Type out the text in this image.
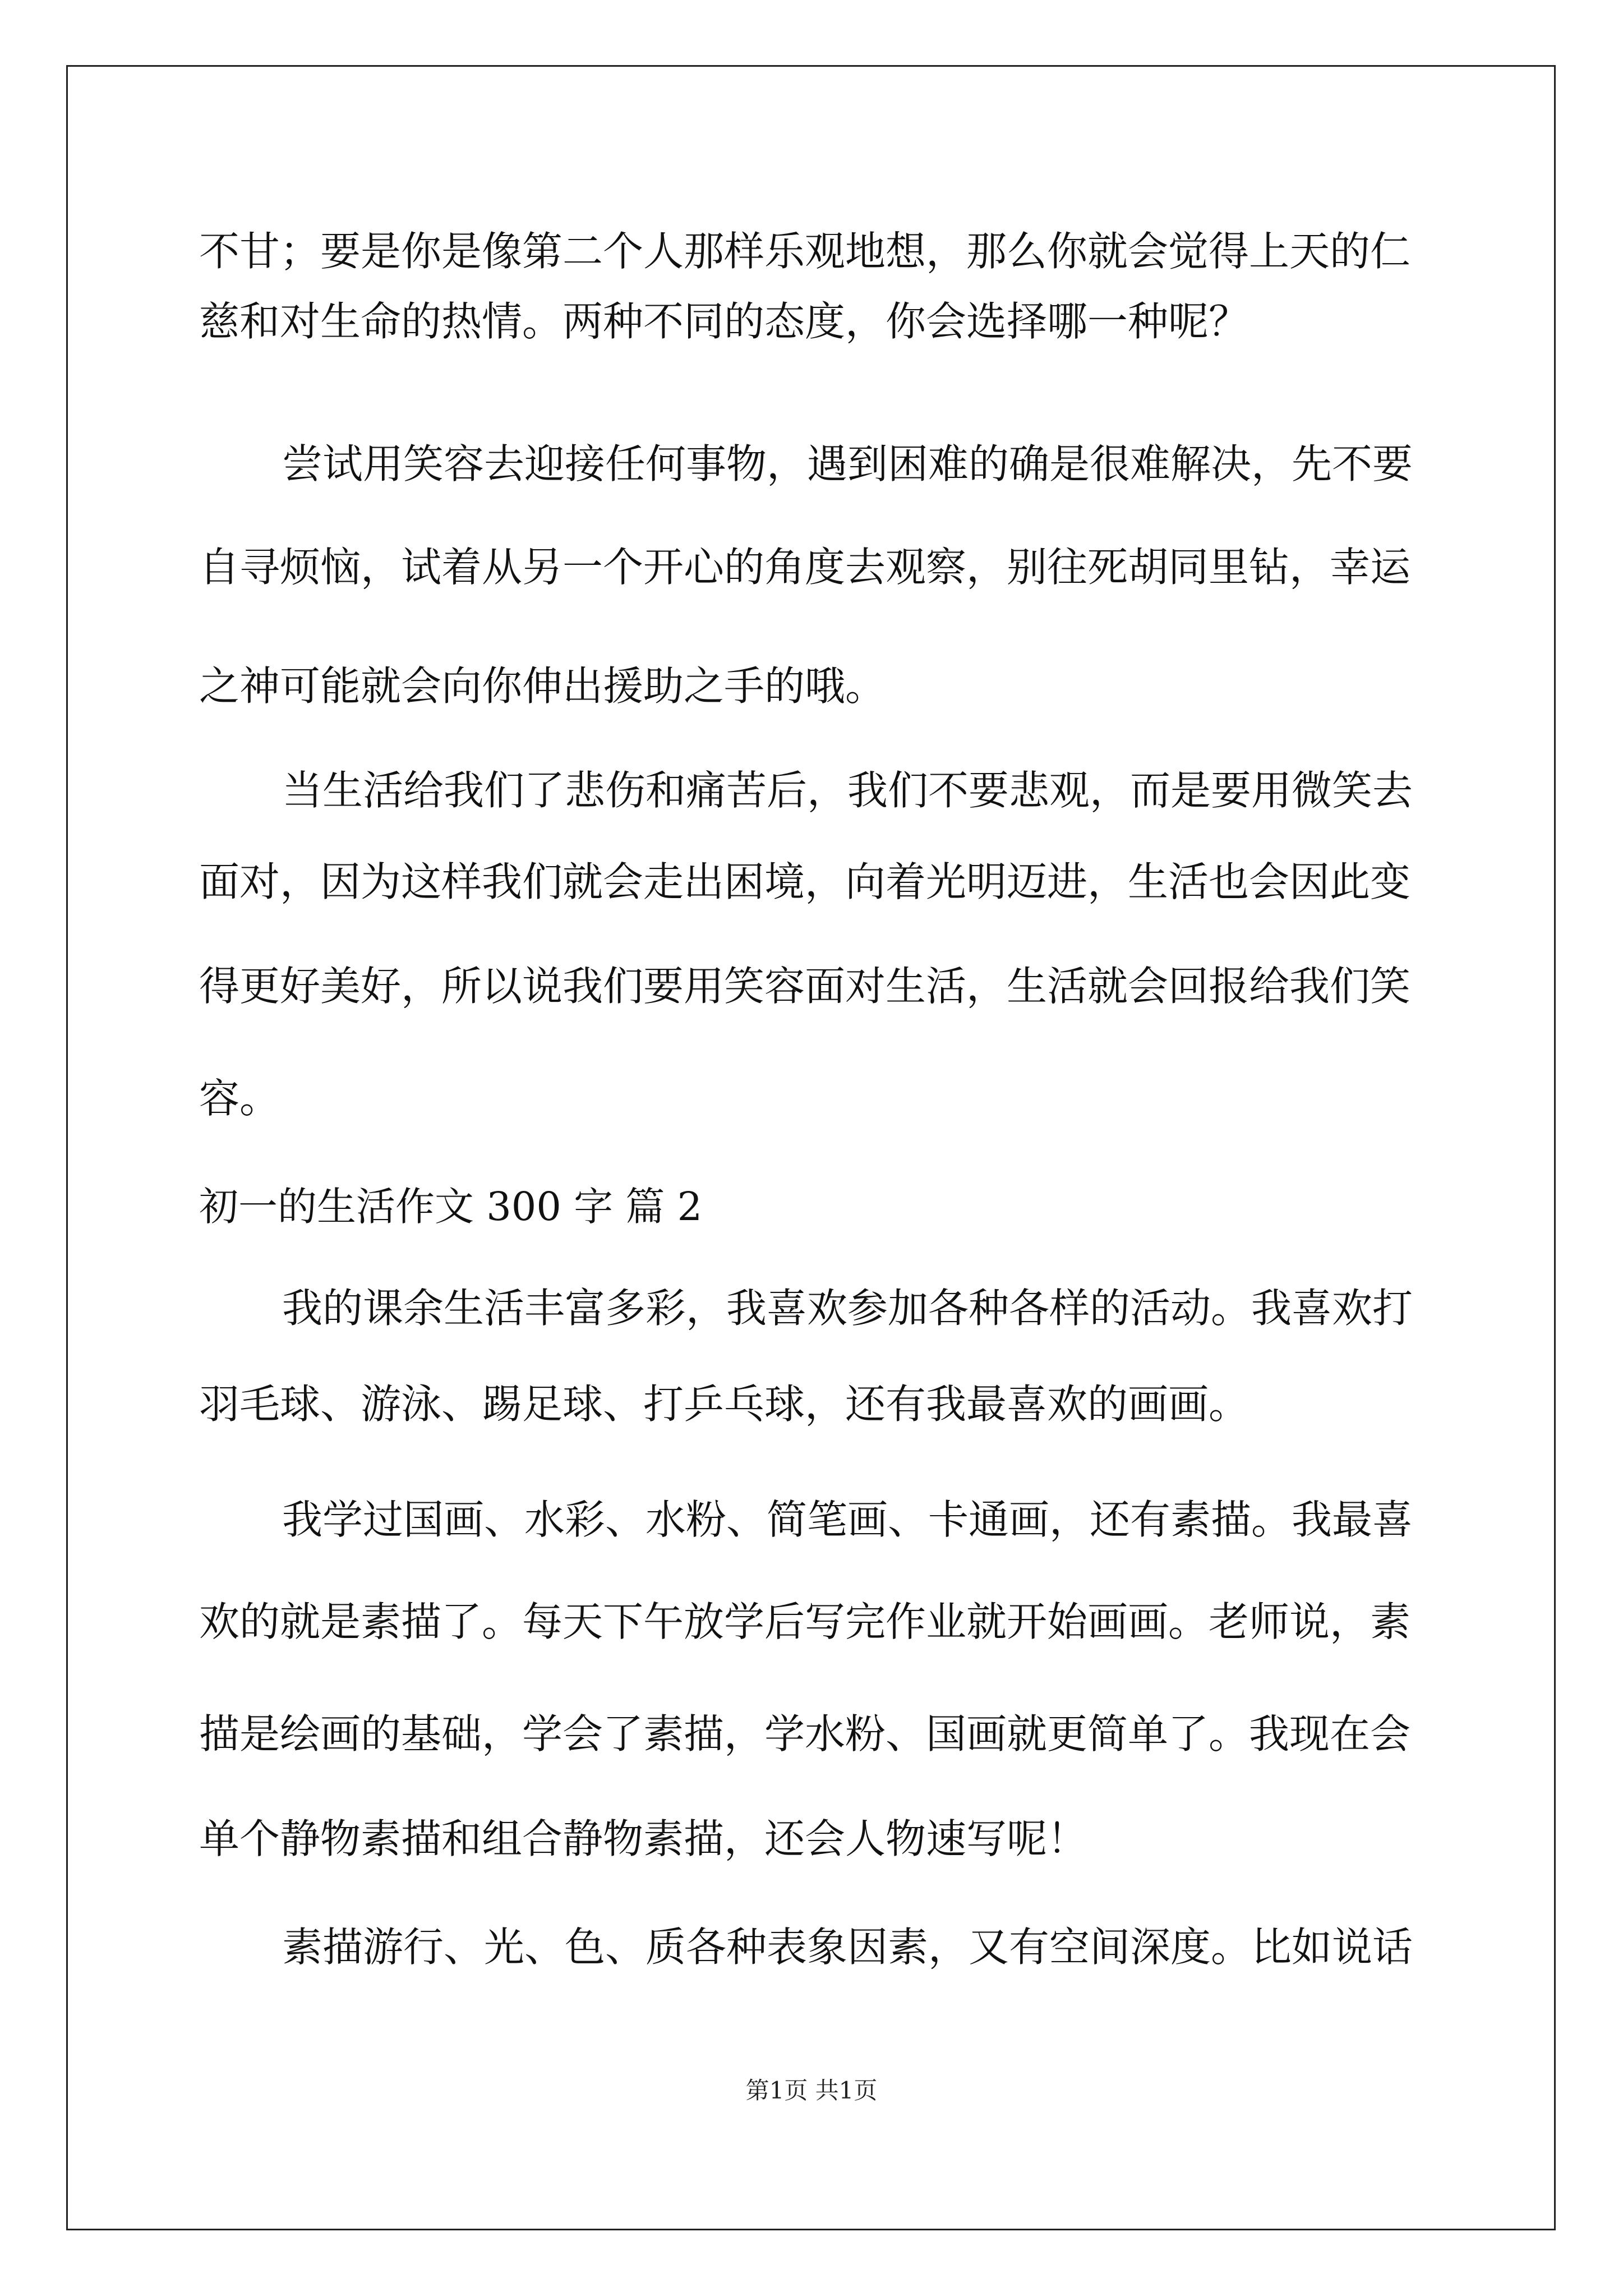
不甘；要是你是像第二个人那样乐观地想，那么你就会觉得上天的仁
慈和对生命的热情。两种不同的态度，你会选择哪一种呢？
尝试用笑容去迎接任何事物，遇到困难的确是很难解决，先不要
自寻烦恼，试着从另一个开心的角度去观察，别往死胡同里钻，幸运
之神可能就会向你伸出援助之手的哦。
当生活给我们了悲伤和痛苦后，我们不要悲观，而是要用微笑去
面对，因为这样我们就会走出困境，向着光明迈进，生活也会因此变
得更好美好，所以说我们要用笑容面对生活，生活就会回报给我们笑
容。
初一的生活作文 300 字 篇 2
我的课余生活丰富多彩，我喜欢参加各种各样的活动。我喜欢打
羽毛球、游泳、踢足球、打乒乓球，还有我最喜欢的画画。
我学过国画、水彩、水粉、简笔画、卡通画，还有素描。我最喜
欢的就是素描了。每天下午放学后写完作业就开始画画。老师说，素
描是绘画的基础，学会了素描，学水粉、国画就更简单了。我现在会
单个静物素描和组合静物素描，还会人物速写呢！
素描游行、光、色、质各种表象因素，又有空间深度。比如说话
第1页 共1页
